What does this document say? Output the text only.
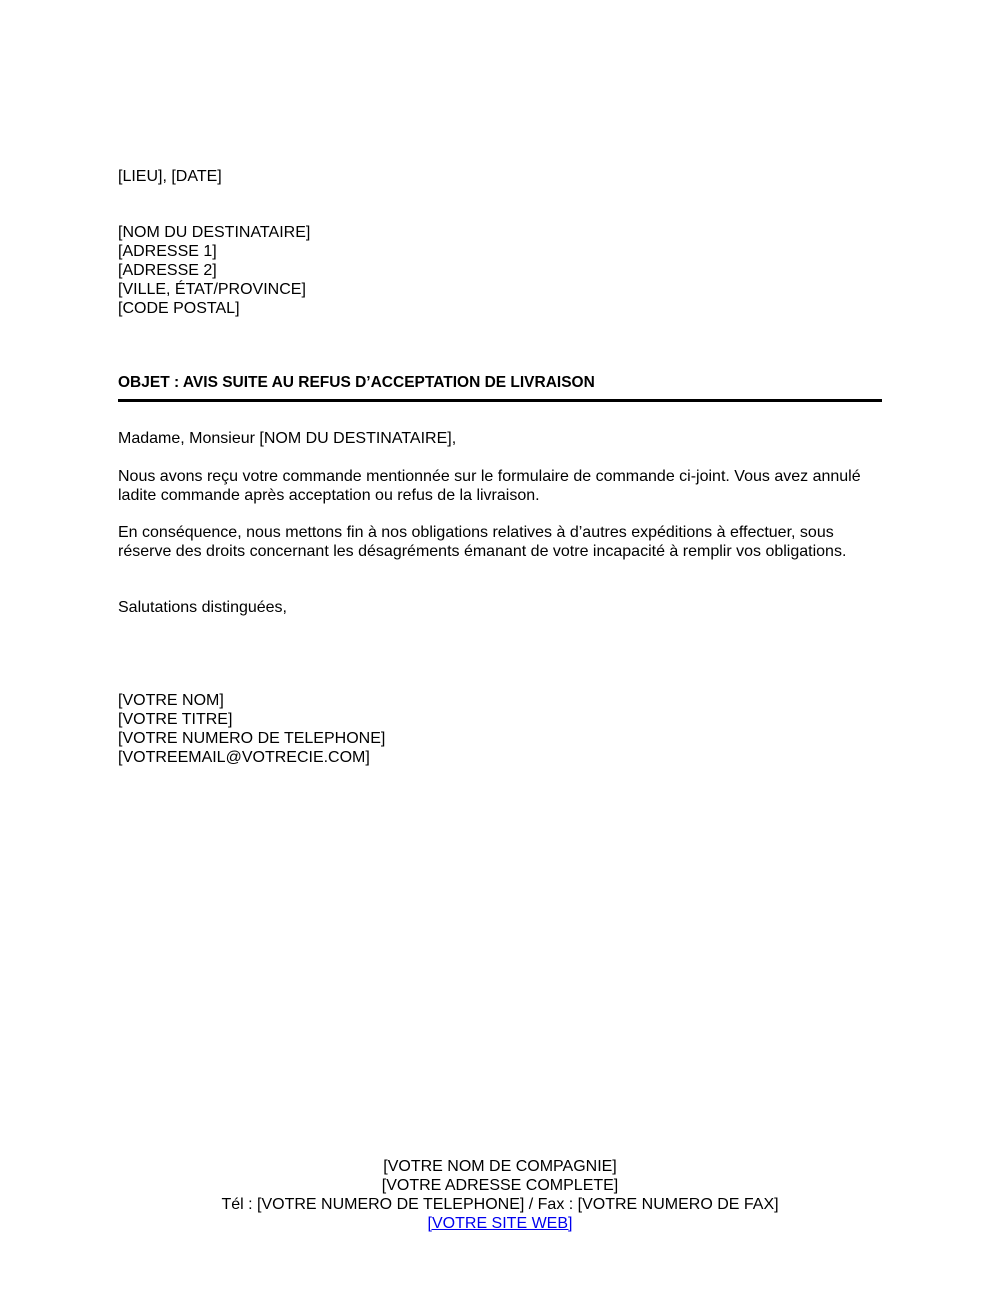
[LIEU], [DATE]
[NOM DU DESTINATAIRE]
[ADRESSE 1]
[ADRESSE 2]
[VILLE, ÉTAT/PROVINCE]
[CODE POSTAL]
OBJET : AVIS SUITE AU REFUS D’ACCEPTATION DE LIVRAISON
Madame, Monsieur [NOM DU DESTINATAIRE],
Nous avons reçu votre commande mentionnée sur le formulaire de commande ci-joint. Vous avez annulé
ladite commande après acceptation ou refus de la livraison.
En conséquence, nous mettons fin à nos obligations relatives à d’autres expéditions à effectuer, sous
réserve des droits concernant les désagréments émanant de votre incapacité à remplir vos obligations.
Salutations distinguées,
[VOTRE NOM]
[VOTRE TITRE]
[VOTRE NUMERO DE TELEPHONE]
[VOTREEMAIL@VOTRECIE.COM]
[VOTRE NOM DE COMPAGNIE]
[VOTRE ADRESSE COMPLETE]
Tél : [VOTRE NUMERO DE TELEPHONE] / Fax : [VOTRE NUMERO DE FAX]
[VOTRE SITE WEB]
